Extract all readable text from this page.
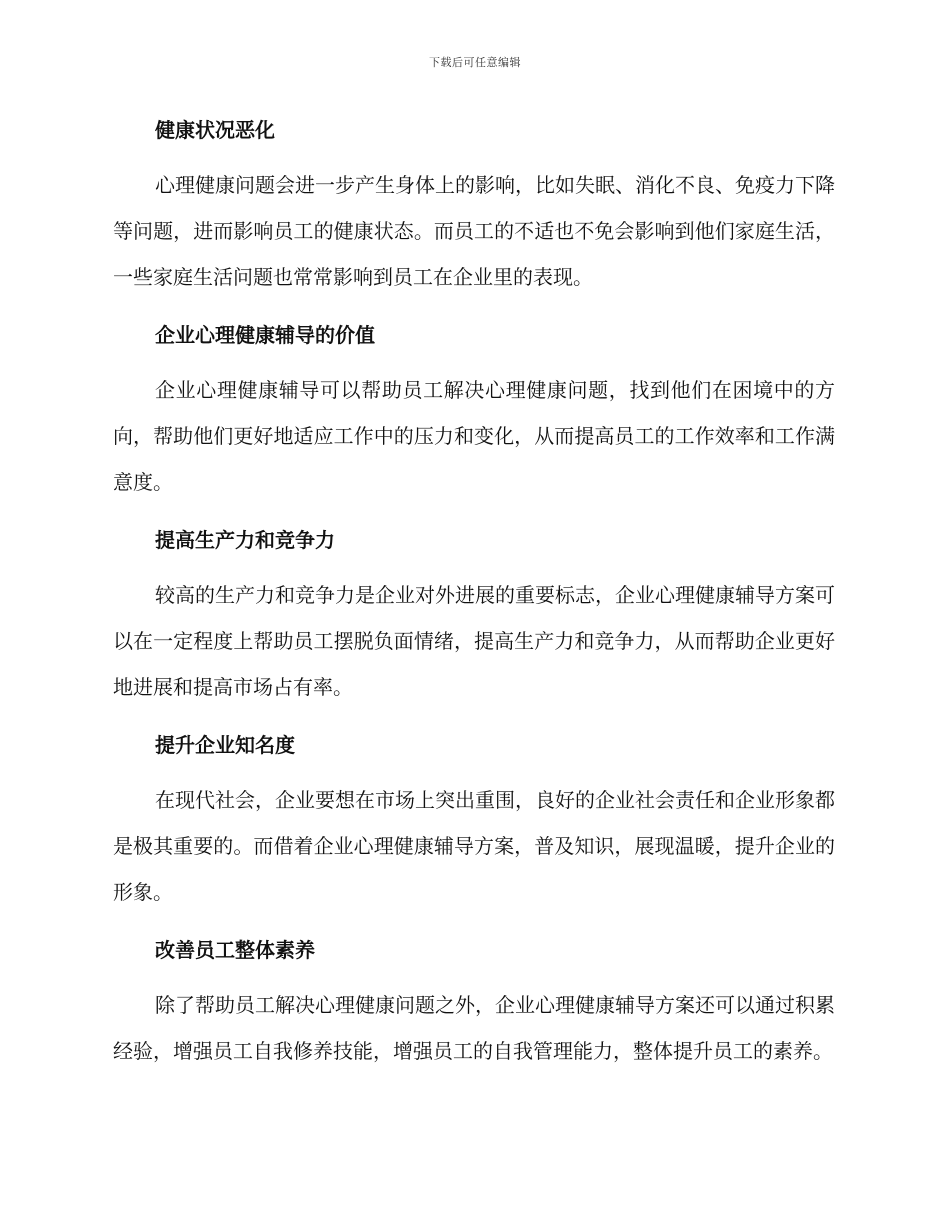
下载后可任意编辑
健康状况恶化

心理健康问题会进一步产生身体上的影响，比如失眠、消化不良、免疫力下降等问题，进而影响员工的健康状态。而员工的不适也不免会影响到他们家庭生活，一些家庭生活问题也常常影响到员工在企业里的表现。

企业心理健康辅导的价值

企业心理健康辅导可以帮助员工解决心理健康问题，找到他们在困境中的方向，帮助他们更好地适应工作中的压力和变化，从而提高员工的工作效率和工作满意度。

提高生产力和竞争力

较高的生产力和竞争力是企业对外进展的重要标志，企业心理健康辅导方案可以在一定程度上帮助员工摆脱负面情绪，提高生产力和竞争力，从而帮助企业更好地进展和提高市场占有率。

提升企业知名度

在现代社会，企业要想在市场上突出重围，良好的企业社会责任和企业形象都是极其重要的。而借着企业心理健康辅导方案，普及知识，展现温暖，提升企业的形象。

改善员工整体素养

除了帮助员工解决心理健康问题之外，企业心理健康辅导方案还可以通过积累经验，增强员工自我修养技能，增强员工的自我管理能力，整体提升员工的素养。
